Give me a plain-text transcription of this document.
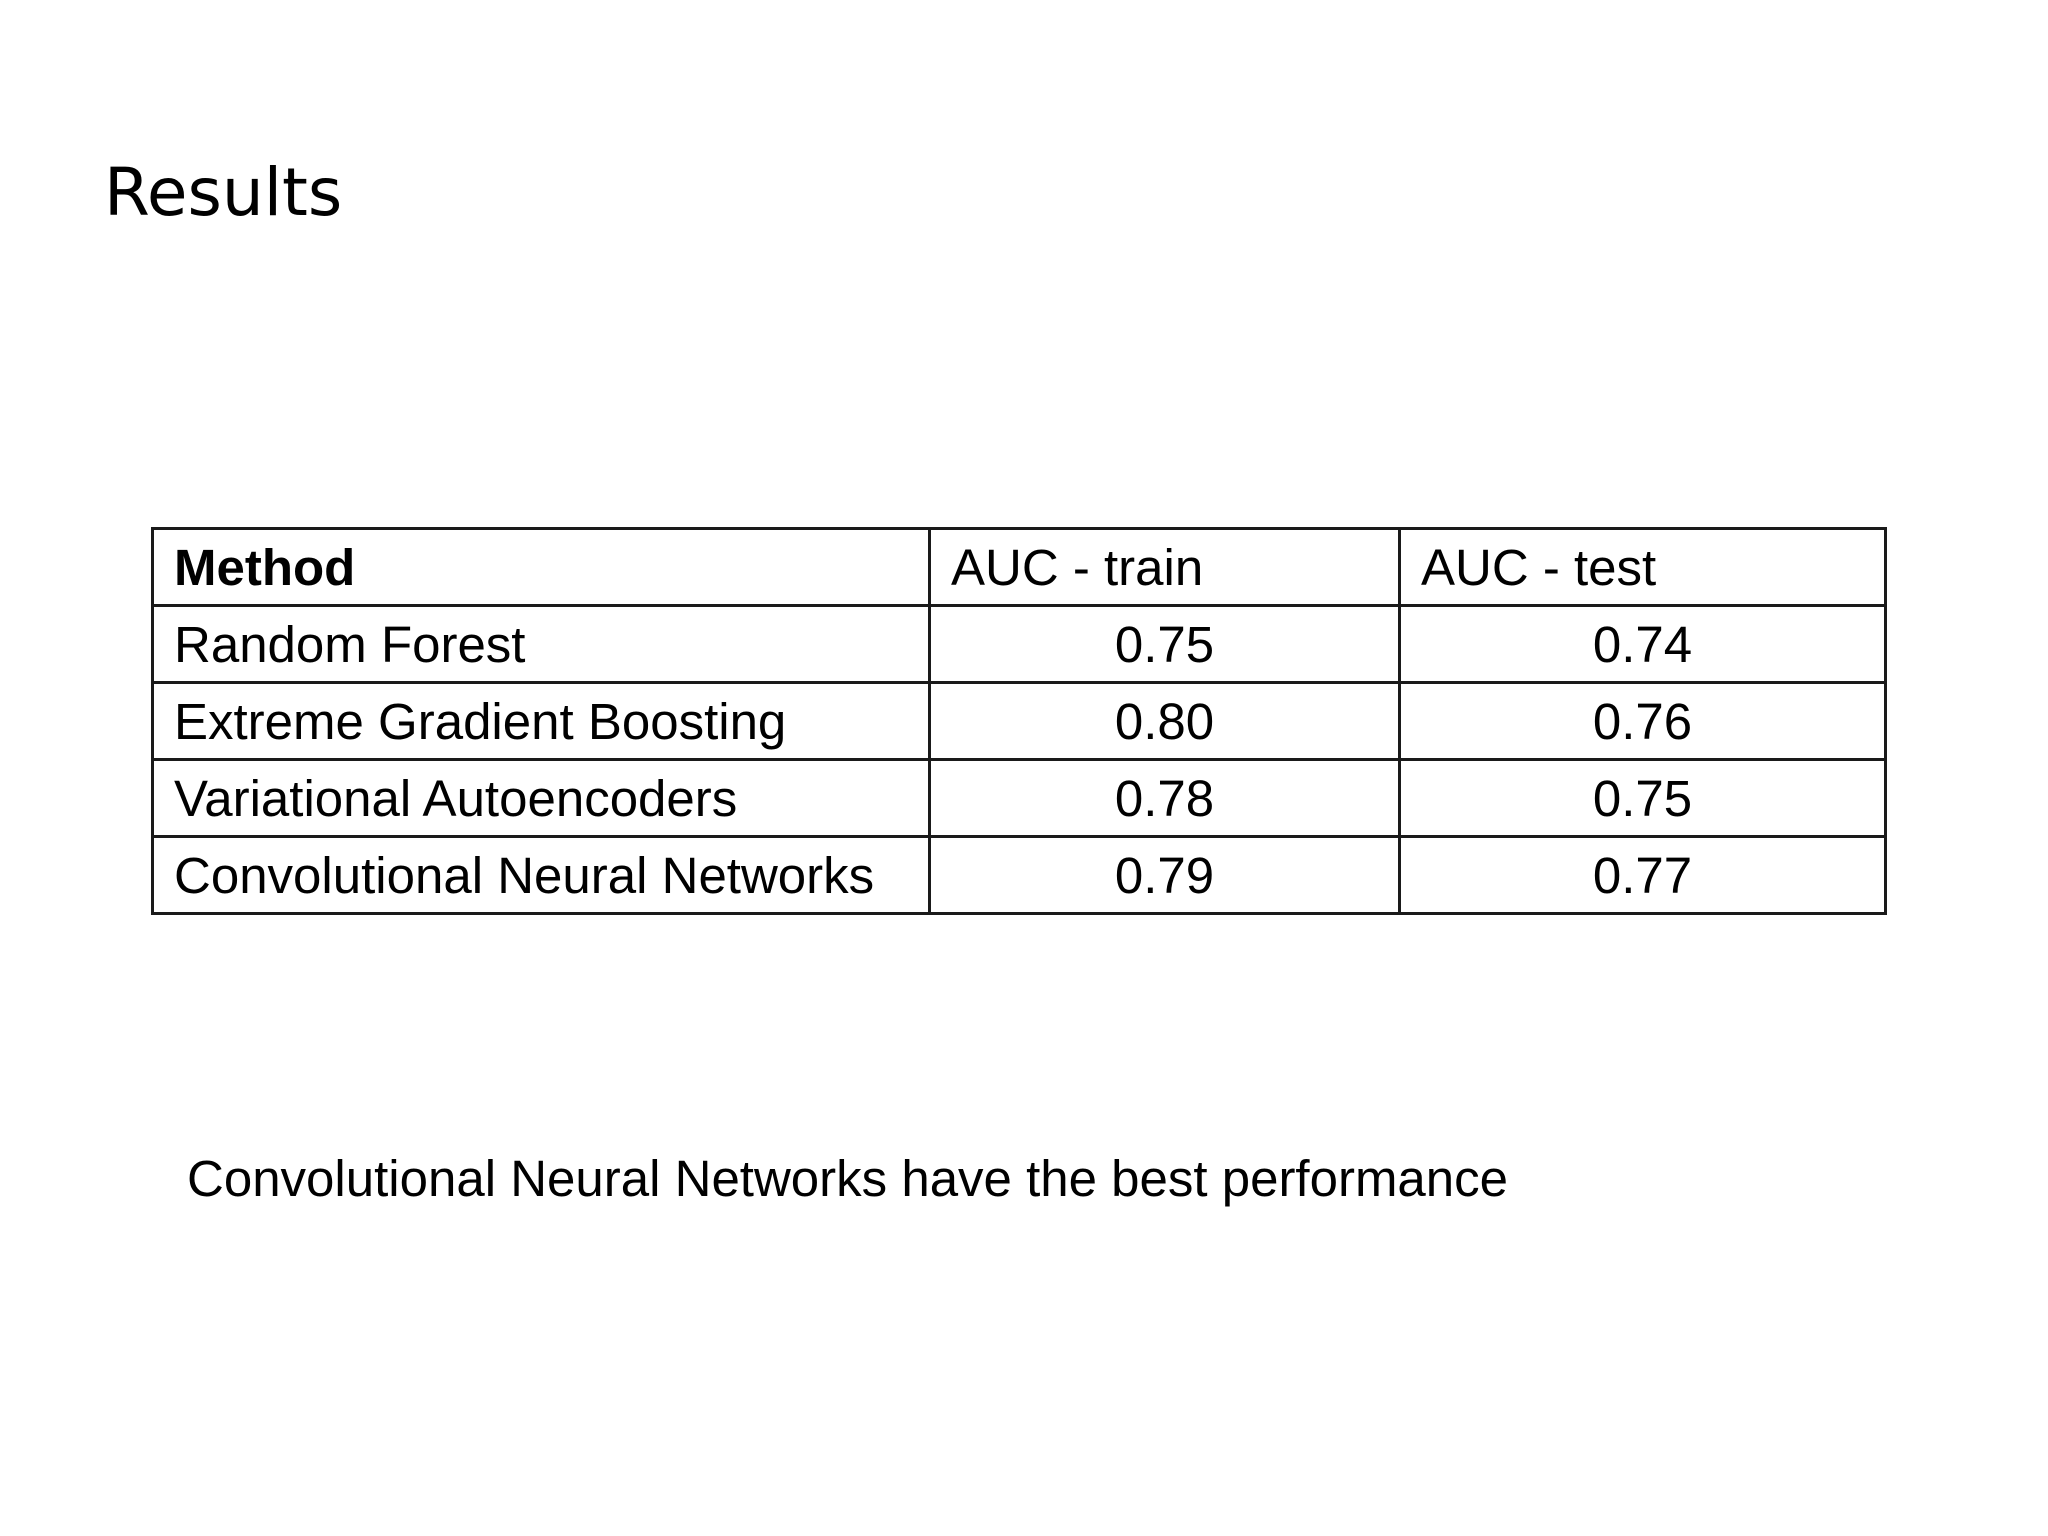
Results
Method	AUC - train	AUC - test
Random Forest	0.75	0.74
Extreme Gradient Boosting	0.80	0.76
Variational Autoencoders	0.78	0.75
Convolutional Neural Networks	0.79	0.77

Convolutional Neural Networks have the best performance
